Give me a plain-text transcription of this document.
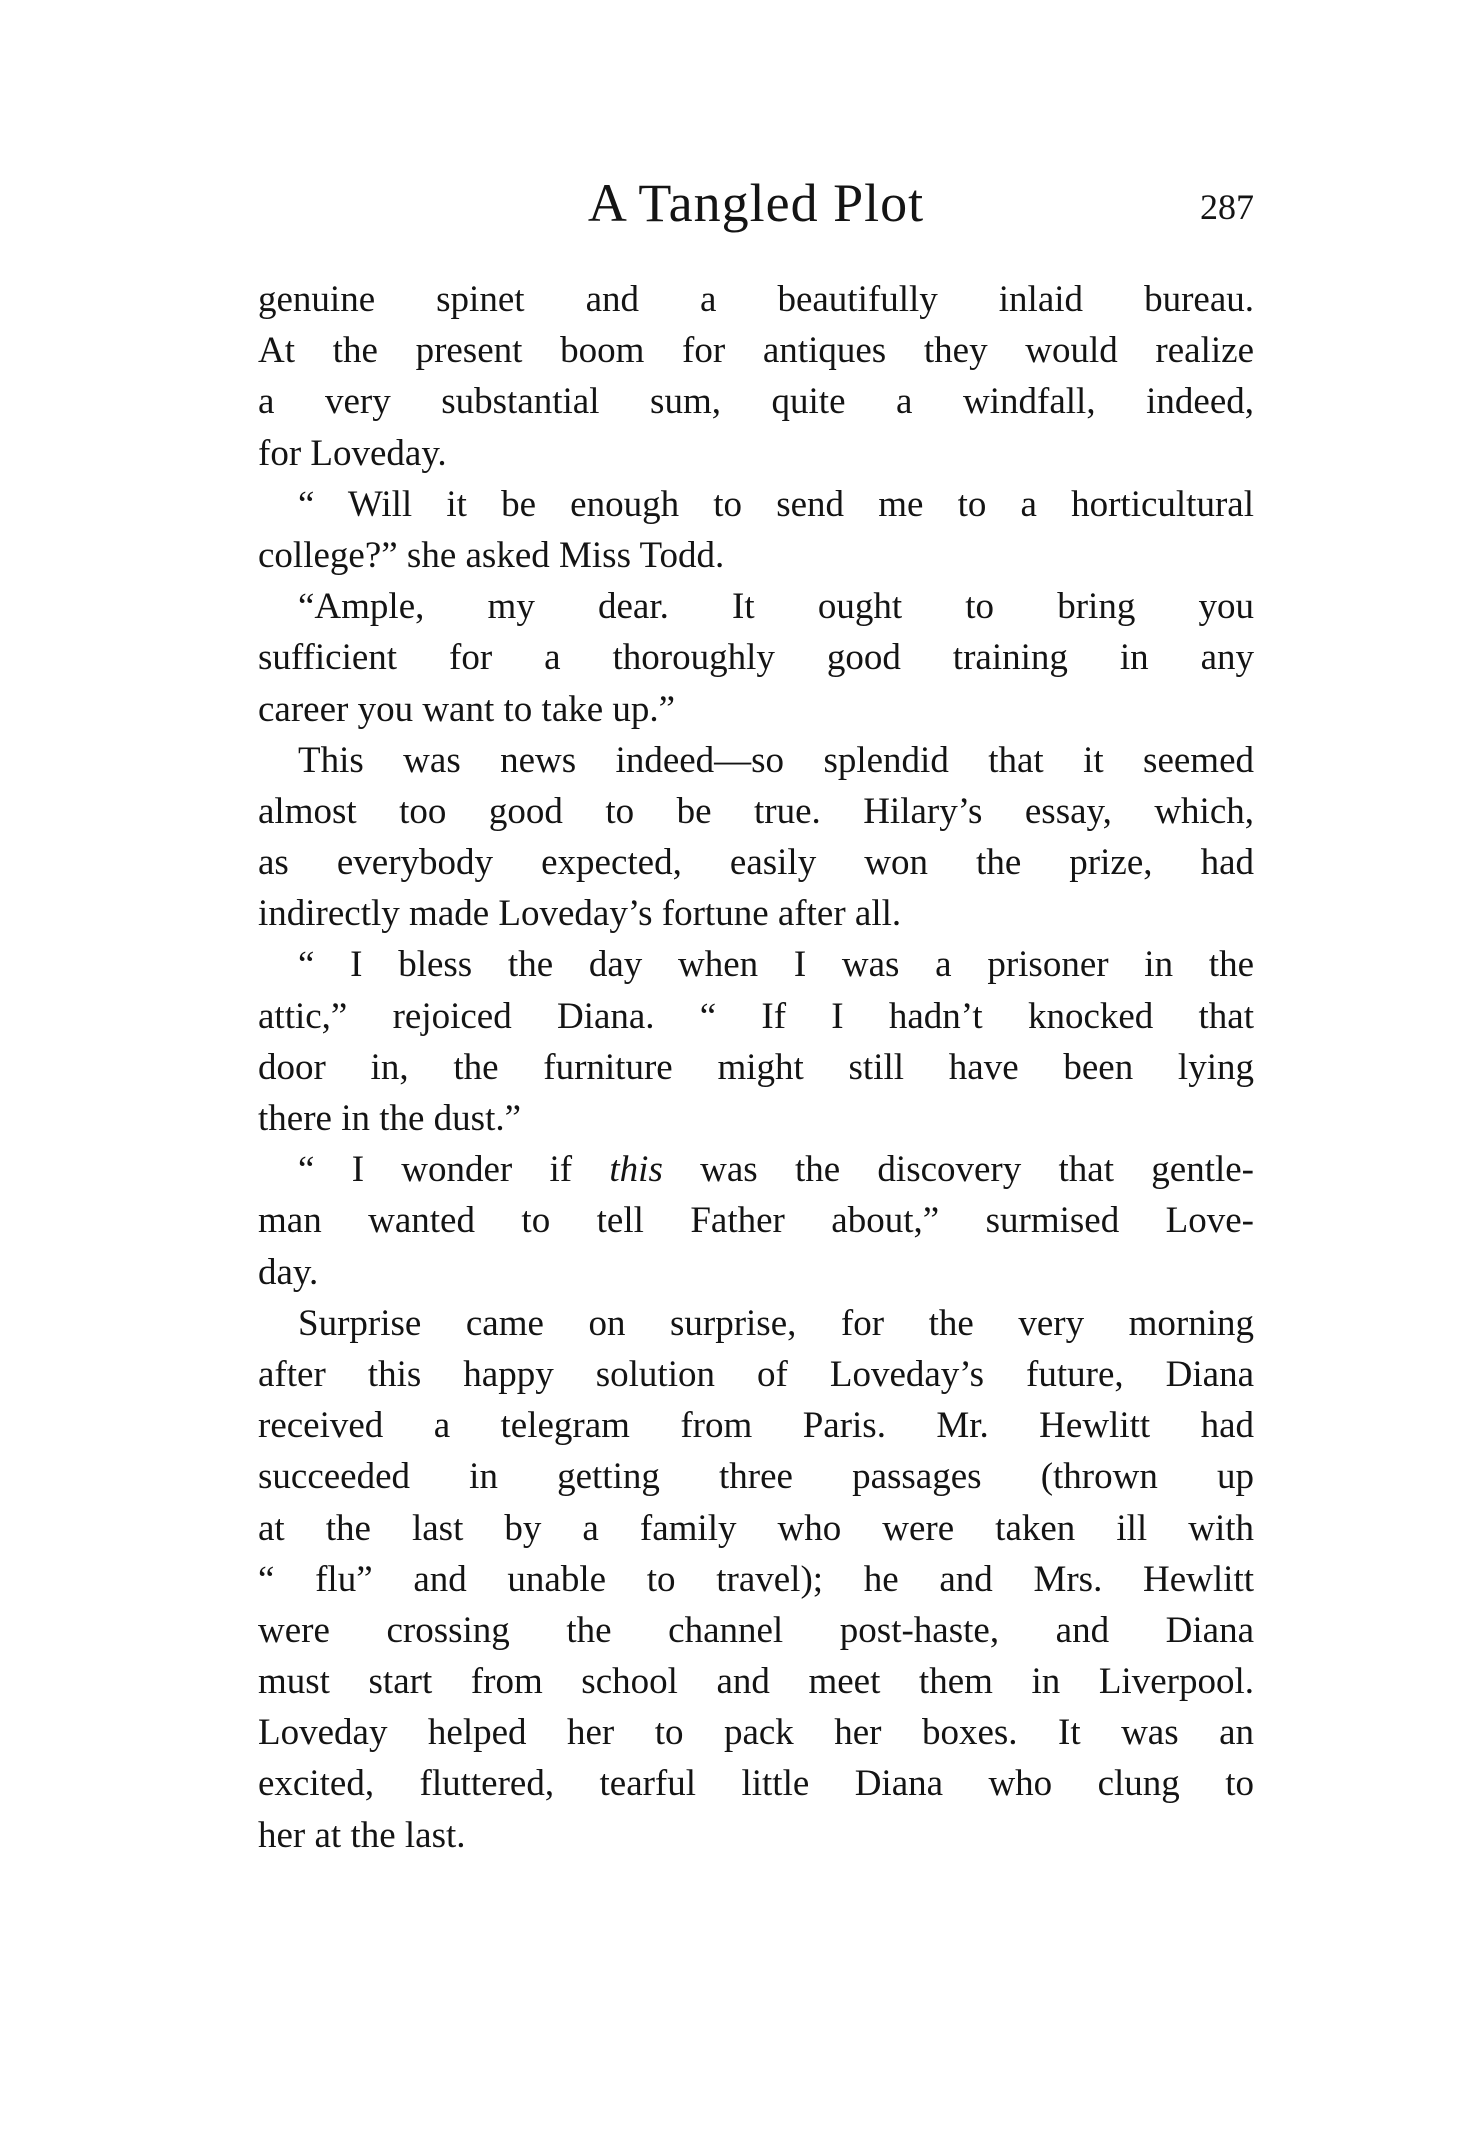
A Tangled Plot	287
genuine spinet and a beautifully inlaid bureau.
At the present boom for antiques they would realize
a very substantial sum, quite a windfall, indeed,
for Loveday.
“ Will it be enough to send me to a horticultural
college?” she asked Miss Todd.
“Ample, my dear. It ought to bring you
sufficient for a thoroughly good training in any
career you want to take up.”
This was news indeed—so splendid that it seemed
almost too good to be true. Hilary’s essay, which,
as everybody expected, easily won the prize, had
indirectly made Loveday’s fortune after all.
“ I bless the day when I was a prisoner in the
attic,” rejoiced Diana. “ If I hadn’t knocked that
door in, the furniture might still have been lying
there in the dust.”
“ I wonder if this was the discovery that gentle-
man wanted to tell Father about,” surmised Love-
day.
Surprise came on surprise, for the very morning
after this happy solution of Loveday’s future, Diana
received a telegram from Paris. Mr. Hewlitt had
succeeded in getting three passages (thrown up
at the last by a family who were taken ill with
“ flu” and unable to travel); he and Mrs. Hewlitt
were crossing the channel post-haste, and Diana
must start from school and meet them in Liverpool.
Loveday helped her to pack her boxes. It was an
excited, fluttered, tearful little Diana who clung to
her at the last.
